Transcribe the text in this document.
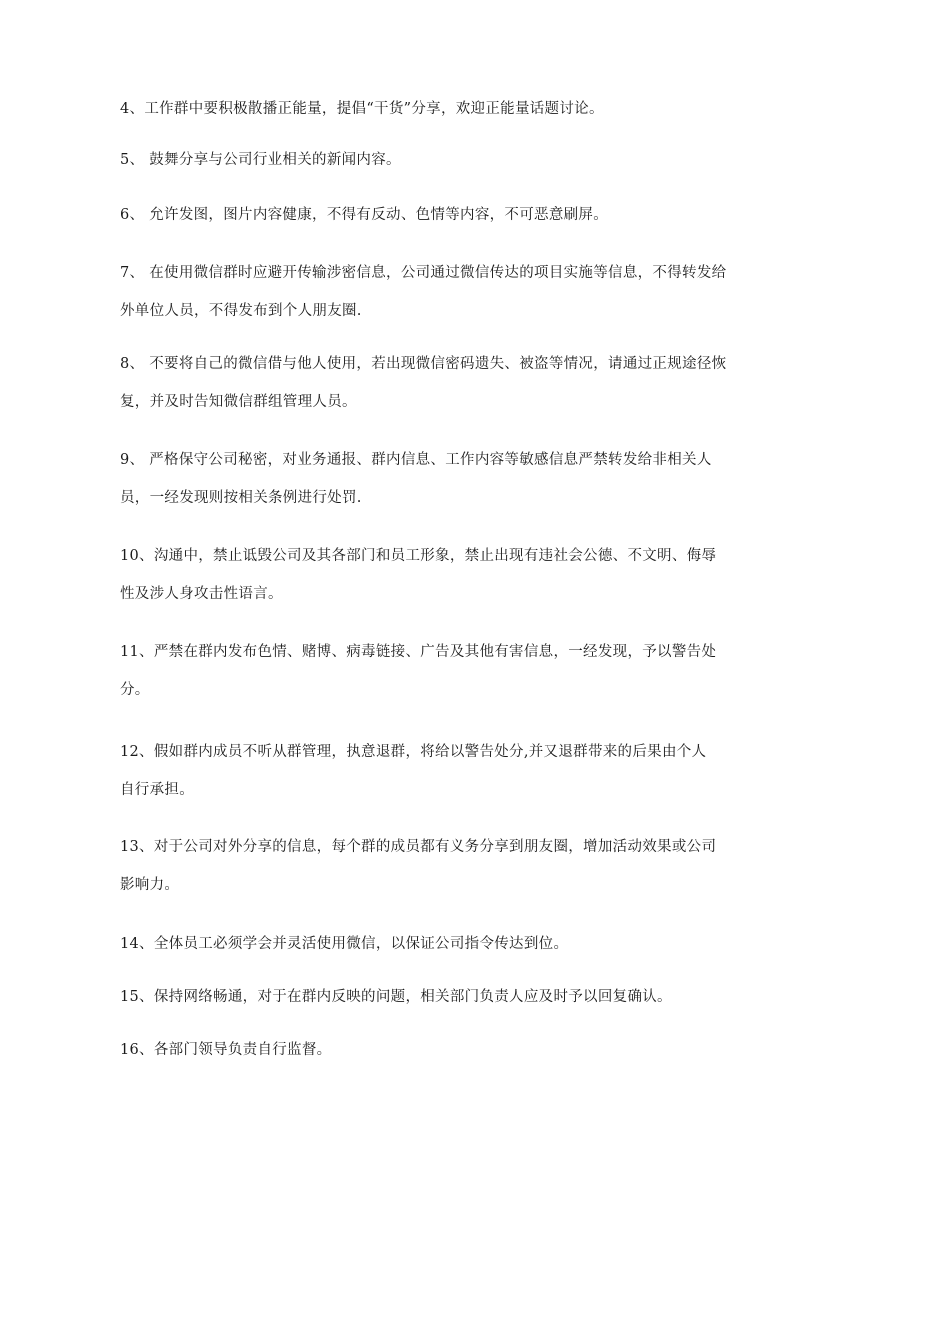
4、工作群中要积极散播正能量，提倡“干货”分享，欢迎正能量话题讨论。
5、 鼓舞分享与公司行业相关的新闻内容。
6、 允许发图，图片内容健康，不得有反动、色情等内容，不可恶意刷屏。
7、 在使用微信群时应避开传输涉密信息，公司通过微信传达的项目实施等信息，不得转发给
外单位人员，不得发布到个人朋友圈.
8、 不要将自己的微信借与他人使用，若出现微信密码遗失、被盗等情况，请通过正规途径恢
复，并及时告知微信群组管理人员。
9、 严格保守公司秘密，对业务通报、群内信息、工作内容等敏感信息严禁转发给非相关人
员，一经发现则按相关条例进行处罚.
10、沟通中，禁止诋毁公司及其各部门和员工形象，禁止出现有违社会公德、不文明、侮辱
性及涉人身攻击性语言。
11、严禁在群内发布色情、赌博、病毒链接、广告及其他有害信息，一经发现，予以警告处
分。
12、假如群内成员不听从群管理，执意退群，将给以警告处分,并又退群带来的后果由个人
自行承担。
13、对于公司对外分享的信息，每个群的成员都有义务分享到朋友圈，增加活动效果或公司
影响力。
14、全体员工必须学会并灵活使用微信，以保证公司指令传达到位。
15、保持网络畅通，对于在群内反映的问题，相关部门负责人应及时予以回复确认。
16、各部门领导负责自行监督。
